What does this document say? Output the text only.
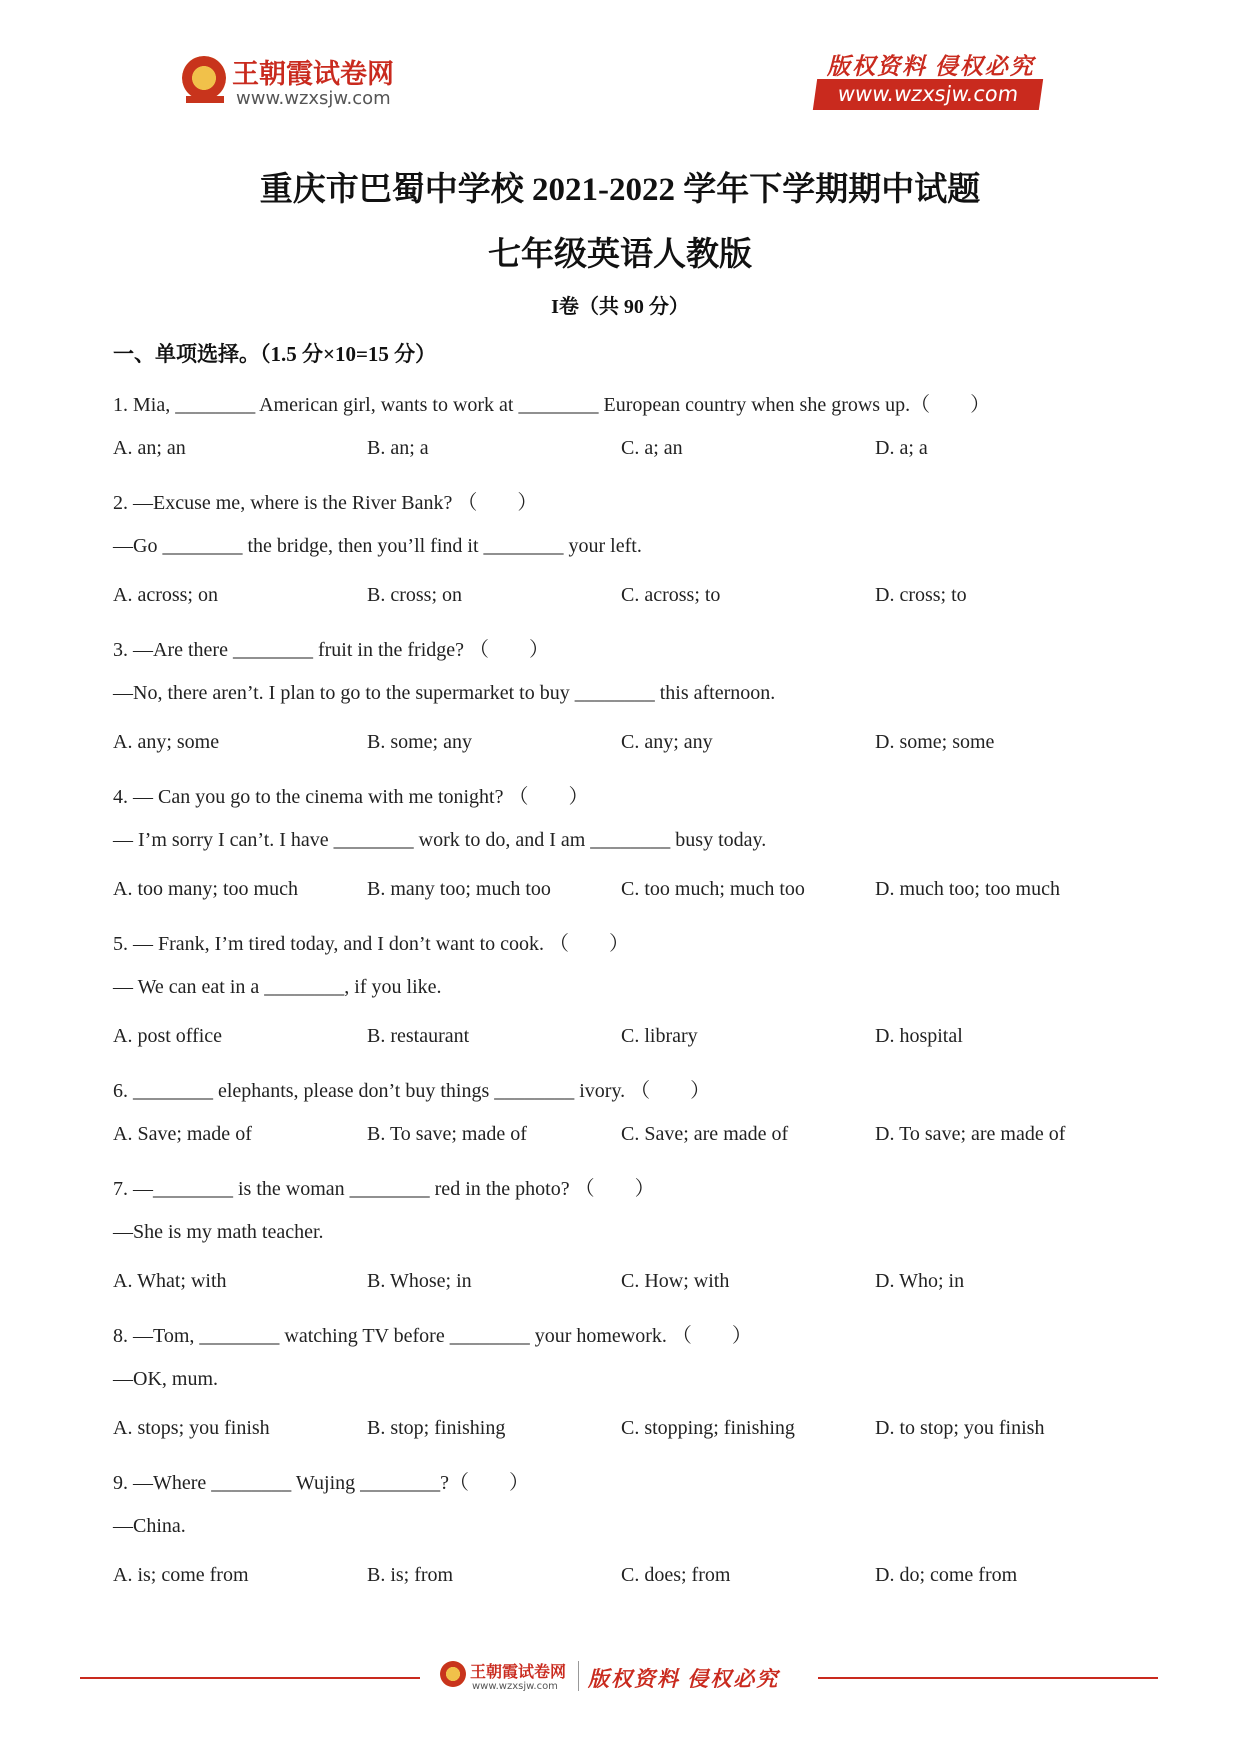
王朝霞试卷网
www.wzxsjw.com
版权资料 侵权必究
www.wzxsjw.com
重庆市巴蜀中学校 2021-2022 学年下学期期中试题
七年级英语人教版
I卷（共 90 分）
一、单项选择。（1.5 分×10=15 分）
1. Mia, ________ American girl, wants to work at ________ European country when she grows up.（　　）
A. an; an	B. an; a	C. a; an	D. a; a
2. —Excuse me, where is the River Bank? （　　）
—Go ________ the bridge, then you’ll find it ________ your left.
A. across; on	B. cross; on	C. across; to	D. cross; to
3. —Are there ________ fruit in the fridge? （　　）
—No, there aren’t. I plan to go to the supermarket to buy ________ this afternoon.
A. any; some	B. some; any	C. any; any	D. some; some
4. — Can you go to the cinema with me tonight? （　　）
— I’m sorry I can’t. I have ________ work to do, and I am ________ busy today.
A. too many; too much	B. many too; much too	C. too much; much too	D. much too; too much
5. — Frank, I’m tired today, and I don’t want to cook. （　　）
— We can eat in a ________, if you like.
A. post office	B. restaurant	C. library	D. hospital
6. ________ elephants, please don’t buy things ________ ivory. （　　）
A. Save; made of	B. To save; made of	C. Save; are made of	D. To save; are made of
7. —________ is the woman ________ red in the photo? （　　）
—She is my math teacher.
A. What; with	B. Whose; in	C. How; with	D. Who; in
8. —Tom, ________ watching TV before ________ your homework. （　　）
—OK, mum.
A. stops; you finish	B. stop; finishing	C. stopping; finishing	D. to stop; you finish
9. —Where ________ Wujing ________?（　　）
—China.
A. is; come from	B. is; from	C. does; from	D. do; come from
王朝霞试卷网
www.wzxsjw.com 版权资料 侵权必究
